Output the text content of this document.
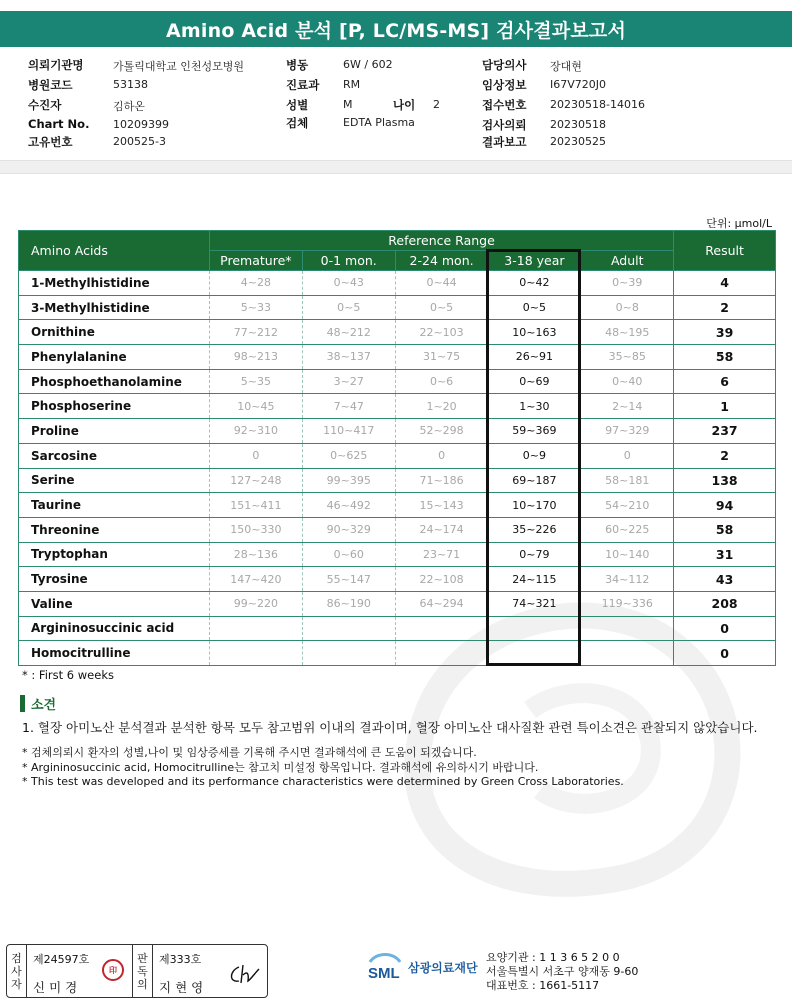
Amino Acid 분석 [P, LC/MS-MS] 검사결과보고서
의뢰기관명	가톨릭대학교 인천성모병원
병원코드	53138
수진자	김하온
Chart No. 10209399
고유번호	200525-3
병동	6W / 602
진료과 RM
성별	M	나이 2
검체	EDTA Plasma
담당의사 장대현
임상정보 I67V720J0
접수번호 20230518-14016
검사의뢰 20230518
결과보고 20230525
단위: µmol/L
Amino Acids	Reference Range					Result
	Premature*	0-1 mon.	2-24 mon.	3-18 year	Adult	
1-Methylhistidine	4~28	0~43	0~44	0~42	0~39	4
3-Methylhistidine	5~33	0~5	0~5	0~5	0~8	2
Ornithine	77~212	48~212	22~103	10~163	48~195	39
Phenylalanine	98~213	38~137	31~75	26~91	35~85	58
Phosphoethanolamine	5~35	3~27	0~6	0~69	0~40	6
Phosphoserine	10~45	7~47	1~20	1~30	2~14	1
Proline	92~310	110~417	52~298	59~369	97~329	237
Sarcosine	0	0~625	0	0~9	0	2
Serine	127~248	99~395	71~186	69~187	58~181	138
Taurine	151~411	46~492	15~143	10~170	54~210	94
Threonine	150~330	90~329	24~174	35~226	60~225	58
Tryptophan	28~136	0~60	23~71	0~79	10~140	31
Tyrosine	147~420	55~147	22~108	24~115	34~112	43
Valine	99~220	86~190	64~294	74~321	119~336	208
Argininosuccinic acid						0
Homocitrulline						0
* : First 6 weeks
소견
1. 혈장 아미노산 분석결과 분석한 항목 모두 참고범위 이내의 결과이며, 혈장 아미노산 대사질환 관련 특이소견은 관찰되지 않았습니다.
* 검체의뢰시 환자의 성별,나이 및 임상증세를 기록해 주시면 결과해석에 큰 도움이 되겠습니다.
* Argininosuccinic acid, Homocitrulline는 참고치 미설정 항목입니다. 결과해석에 유의하시기 바랍니다.
* This test was developed and its performance characteristics were determined by Green Cross Laboratories.
검
사
자
제24597호
신미경
印
판
독
의
제333호
지현영
SML 삼광의료재단
요양기관 : 1 1 3 6 5 2 0 0
서울특별시 서초구 양재동 9-60
대표번호 : 1661-5117
